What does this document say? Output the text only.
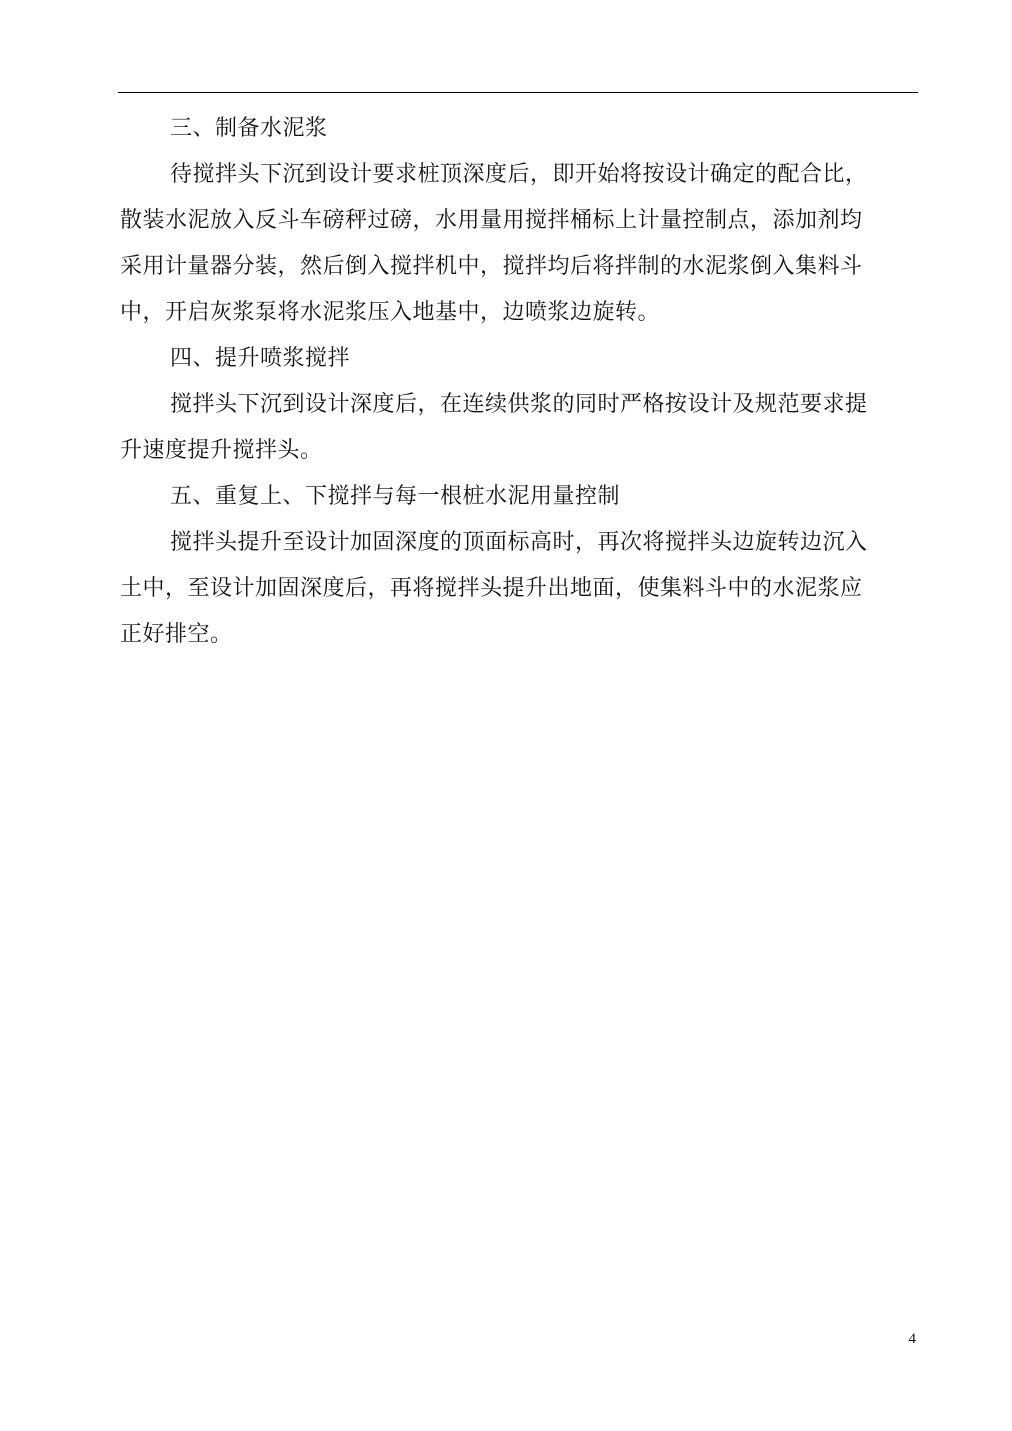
三、制备水泥浆
待搅拌头下沉到设计要求桩顶深度后，即开始将按设计确定的配合比，
散装水泥放入反斗车磅秤过磅，水用量用搅拌桶标上计量控制点，添加剂均
采用计量器分装，然后倒入搅拌机中，搅拌均后将拌制的水泥浆倒入集料斗
中，开启灰浆泵将水泥浆压入地基中，边喷浆边旋转。
四、提升喷浆搅拌
搅拌头下沉到设计深度后，在连续供浆的同时严格按设计及规范要求提
升速度提升搅拌头。
五、重复上、下搅拌与每一根桩水泥用量控制
搅拌头提升至设计加固深度的顶面标高时，再次将搅拌头边旋转边沉入
土中，至设计加固深度后，再将搅拌头提升出地面，使集料斗中的水泥浆应
正好排空。
4
